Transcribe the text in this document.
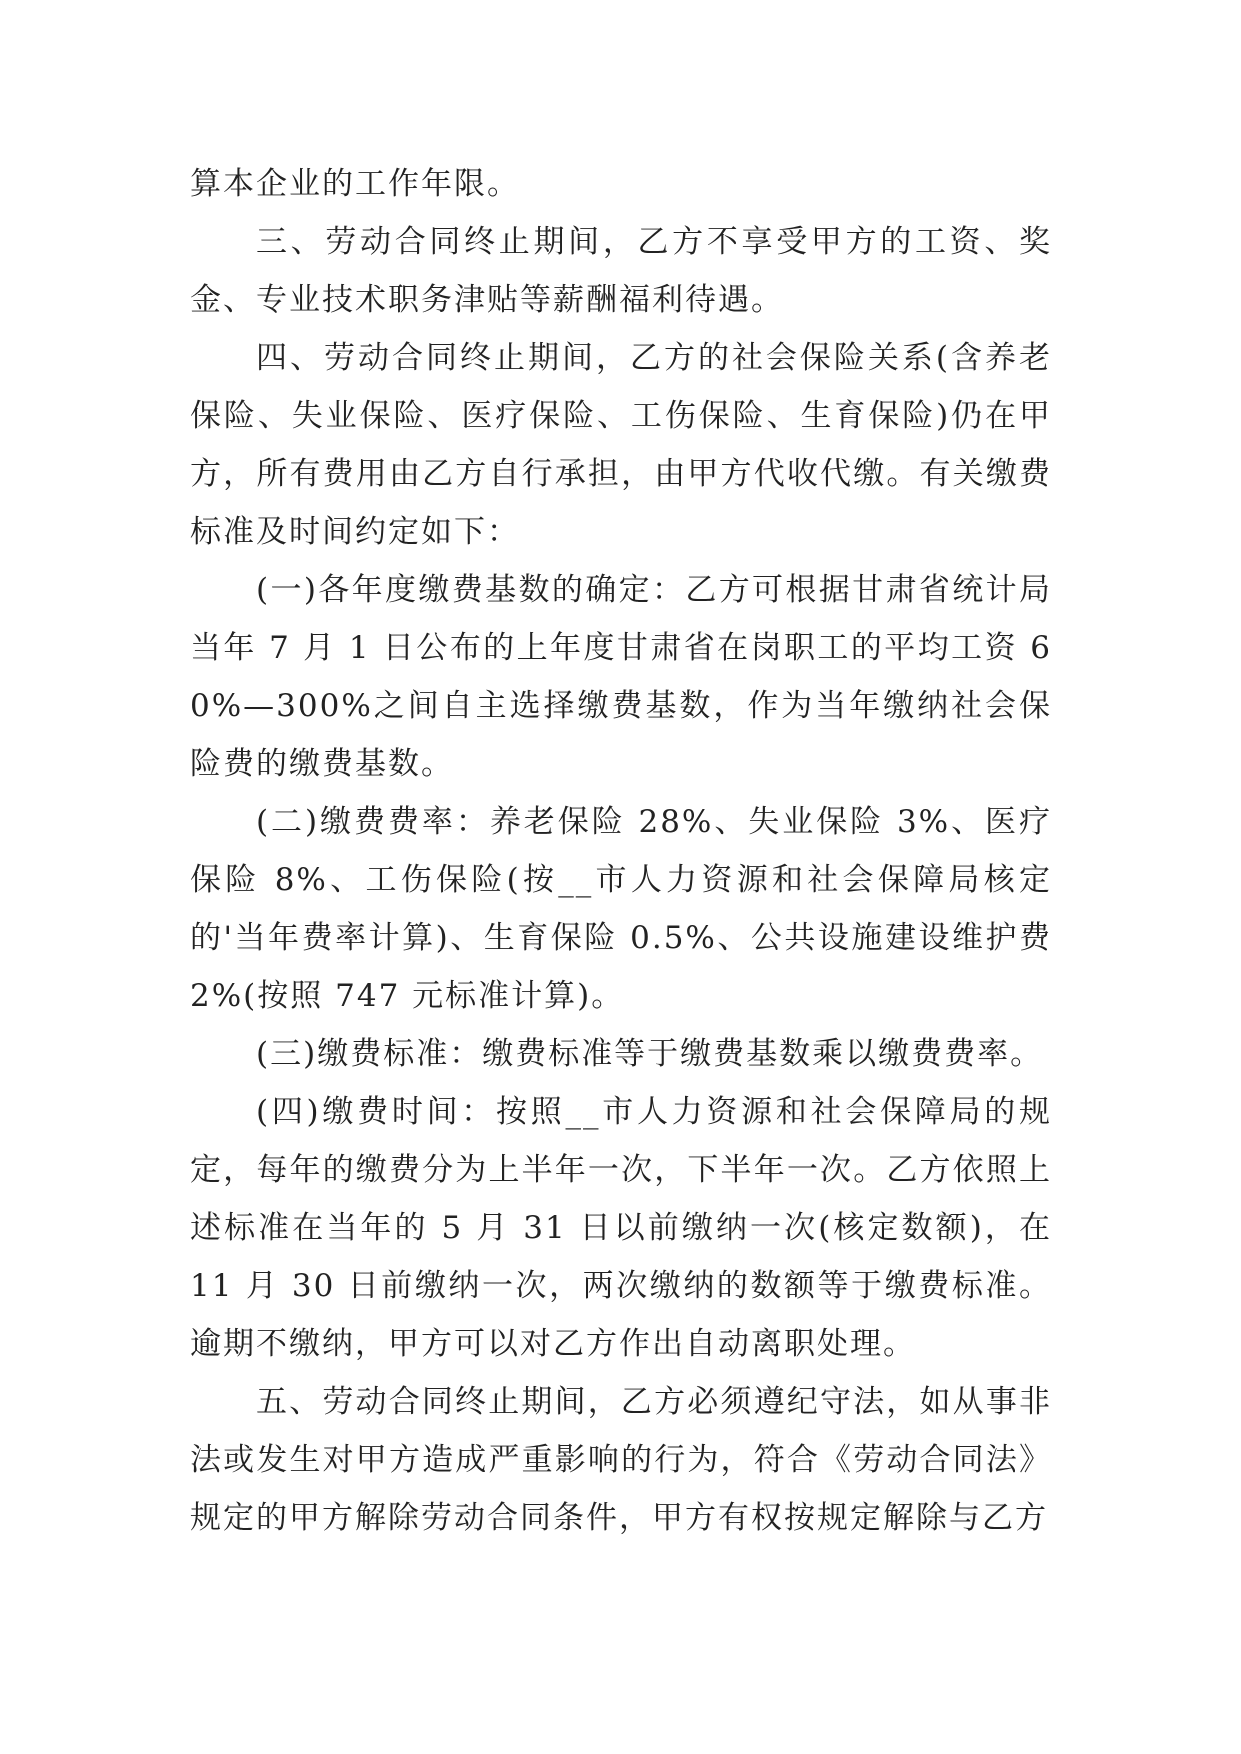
算本企业的工作年限。

三、劳动合同终止期间，乙方不享受甲方的工资、奖金、专业技术职务津贴等薪酬福利待遇。

四、劳动合同终止期间，乙方的社会保险关系(含养老保险、失业保险、医疗保险、工伤保险、生育保险)仍在甲方，所有费用由乙方自行承担，由甲方代收代缴。有关缴费标准及时间约定如下：

(一)各年度缴费基数的确定：乙方可根据甘肃省统计局当年 7 月 1 日公布的上年度甘肃省在岗职工的平均工资 60%—300%之间自主选择缴费基数，作为当年缴纳社会保险费的缴费基数。

(二)缴费费率：养老保险 28%、失业保险 3%、医疗保险 8%、工伤保险(按__市人力资源和社会保障局核定的'当年费率计算)、生育保险 0.5%、公共设施建设维护费 2%(按照 747 元标准计算)。

(三)缴费标准：缴费标准等于缴费基数乘以缴费费率。

(四)缴费时间：按照__市人力资源和社会保障局的规定，每年的缴费分为上半年一次，下半年一次。乙方依照上述标准在当年的 5 月 31 日以前缴纳一次(核定数额)，在 11 月 30 日前缴纳一次，两次缴纳的数额等于缴费标准。逾期不缴纳，甲方可以对乙方作出自动离职处理。

五、劳动合同终止期间，乙方必须遵纪守法，如从事非法或发生对甲方造成严重影响的行为，符合《劳动合同法》规定的甲方解除劳动合同条件，甲方有权按规定解除与乙方
